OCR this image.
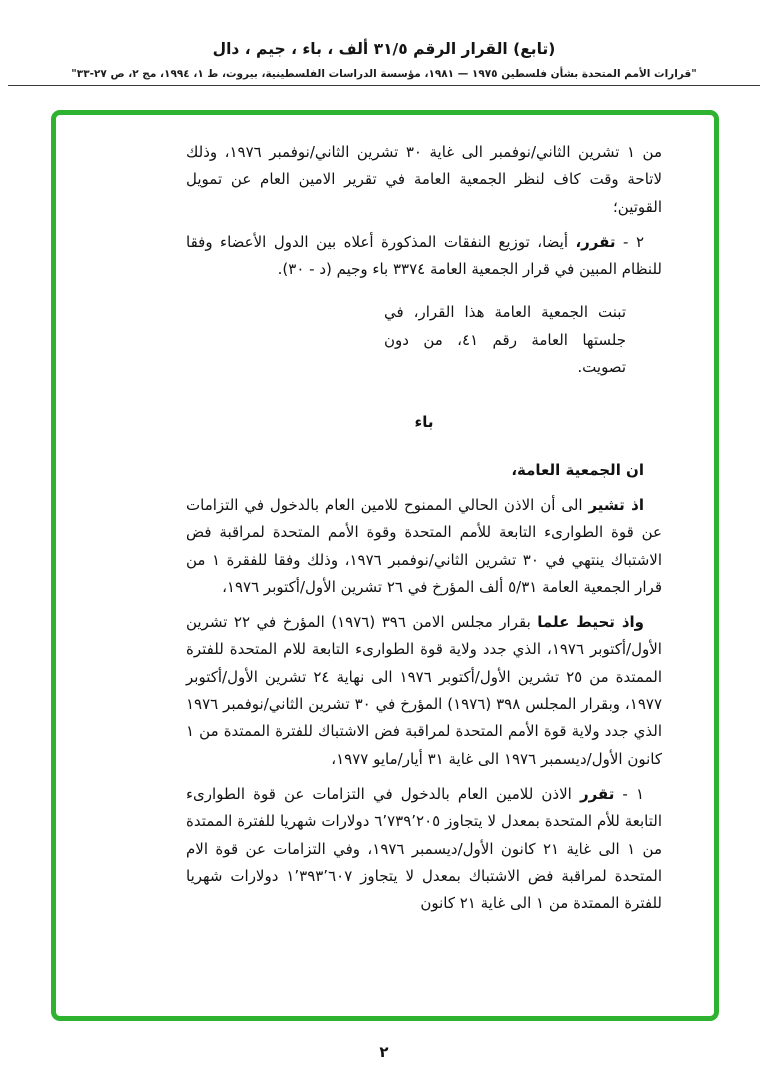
(تابع) القرار الرقم ٣١/٥ ألف ، باء ، جيم ، دال
"قرارات الأمم المتحدة بشأن فلسطين ١٩٧٥ — ١٩٨١، مؤسسة الدراسات الفلسطينية، بيروت، ط ١، ١٩٩٤، مج ٢، ص ٢٧-٣٣"

من ١ تشرين الثاني/نوفمبر الى غاية ٣٠ تشرين الثاني/نوفمبر ١٩٧٦، وذلك لاتاحة وقت كاف لنظر الجمعية العامة في تقرير الامين العام عن تمويل القوتين؛

٢ - تقرر، أيضا، توزيع النفقات المذكورة أعلاه بين الدول الأعضاء وفقا للنظام المبين في قرار الجمعية العامة ٣٣٧٤ باء وجيم (د - ٣٠).

تبنت الجمعية العامة هذا القرار، في جلستها العامة رقم ٤١، من دون تصويت.

باء

ان الجمعية العامة،

اذ تشير الى أن الاذن الحالي الممنوح للامين العام بالدخول في التزامات عن قوة الطوارىء التابعة للأمم المتحدة وقوة الأمم المتحدة لمراقبة فض الاشتباك ينتهي في ٣٠ تشرين الثاني/نوفمبر ١٩٧٦، وذلك وفقا للفقرة ١ من قرار الجمعية العامة ٥/٣١ ألف المؤرخ في ٢٦ تشرين الأول/أكتوبر ١٩٧٦،

واذ تحيط علما بقرار مجلس الامن ٣٩٦ (١٩٧٦) المؤرخ في ٢٢ تشرين الأول/أكتوبر ١٩٧٦، الذي جدد ولاية قوة الطوارىء التابعة للام المتحدة للفترة الممتدة من ٢٥ تشرين الأول/أكتوبر ١٩٧٦ الى نهاية ٢٤ تشرين الأول/أكتوبر ١٩٧٧، وبقرار المجلس ٣٩٨ (١٩٧٦) المؤرخ في ٣٠ تشرين الثاني/نوفمبر ١٩٧٦ الذي جدد ولاية قوة الأمم المتحدة لمراقبة فض الاشتباك للفترة الممتدة من ١ كانون الأول/ديسمبر ١٩٧٦ الى غاية ٣١ أيار/مايو ١٩٧٧،

١ - تقرر الاذن للامين العام بالدخول في التزامات عن قوة الطوارىء التابعة للأم المتحدة بمعدل لا يتجاوز ٦٬٧٣٩٬٢٠٥ دولارات شهريا للفترة الممتدة من ١ الى غاية ٢١ كانون الأول/ديسمبر ١٩٧٦، وفي التزامات عن قوة الام المتحدة لمراقبة فض الاشتباك بمعدل لا يتجاوز ١٬٣٩٣٬٦٠٧ دولارات شهريا للفترة الممتدة من ١ الى غاية ٢١ كانون

٢
